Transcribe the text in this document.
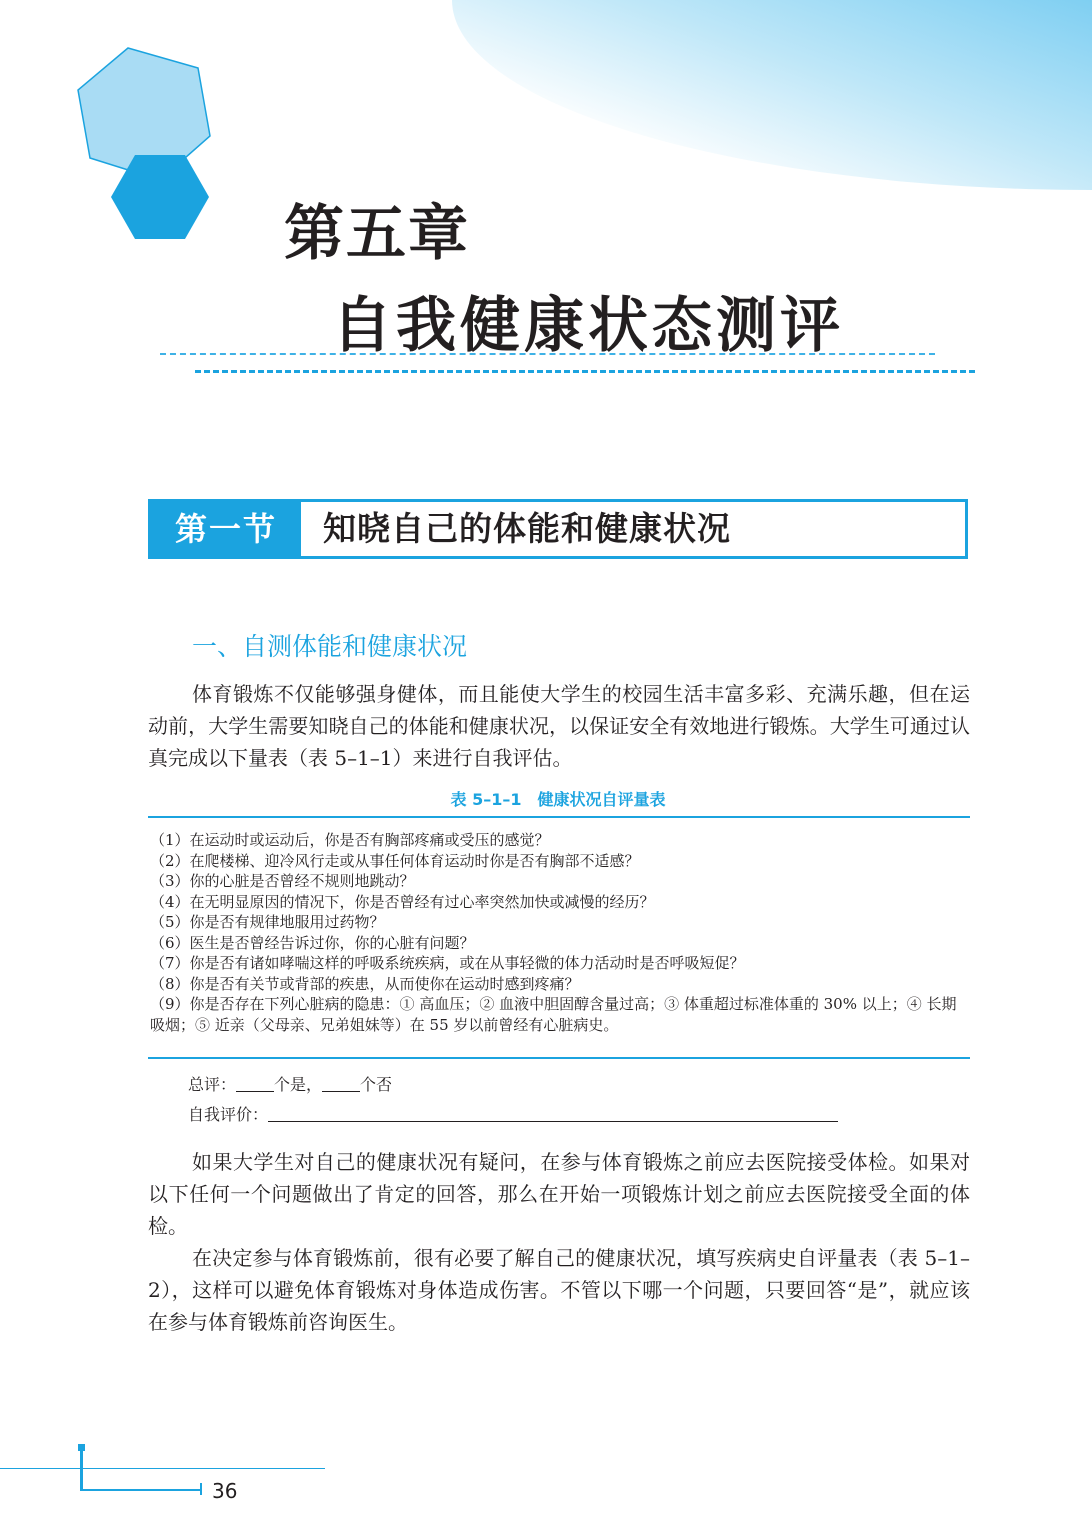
第五章
自我健康状态测评
第一节	知晓自己的体能和健康状况
一、自测体能和健康状况

体育锻炼不仅能够强身健体，而且能使大学生的校园生活丰富多彩、充满乐趣，但在运动前，大学生需要知晓自己的体能和健康状况，以保证安全有效地进行锻炼。大学生可通过认真完成以下量表（表 5–1–1）来进行自我评估。

表 5–1–1　健康状况自评量表
（1）在运动时或运动后，你是否有胸部疼痛或受压的感觉？
（2）在爬楼梯、迎冷风行走或从事任何体育运动时你是否有胸部不适感？
（3）你的心脏是否曾经不规则地跳动？
（4）在无明显原因的情况下，你是否曾经有过心率突然加快或减慢的经历？
（5）你是否有规律地服用过药物？
（6）医生是否曾经告诉过你，你的心脏有问题？
（7）你是否有诸如哮喘这样的呼吸系统疾病，或在从事轻微的体力活动时是否呼吸短促？
（8）你是否有关节或背部的疾患，从而使你在运动时感到疼痛？
（9）你是否存在下列心脏病的隐患：① 高血压；② 血液中胆固醇含量过高；③ 体重超过标准体重的 30% 以上；④ 长期吸烟；⑤ 近亲（父母亲、兄弟姐妹等）在 55 岁以前曾经有心脏病史。
总评： 个是， 个否
自我评价：

如果大学生对自己的健康状况有疑问，在参与体育锻炼之前应去医院接受体检。如果对以下任何一个问题做出了肯定的回答，那么在开始一项锻炼计划之前应去医院接受全面的体检。

在决定参与体育锻炼前，很有必要了解自己的健康状况，填写疾病史自评量表（表 5–1–2），这样可以避免体育锻炼对身体造成伤害。不管以下哪一个问题，只要回答“是”，就应该在参与体育锻炼前咨询医生。

36
